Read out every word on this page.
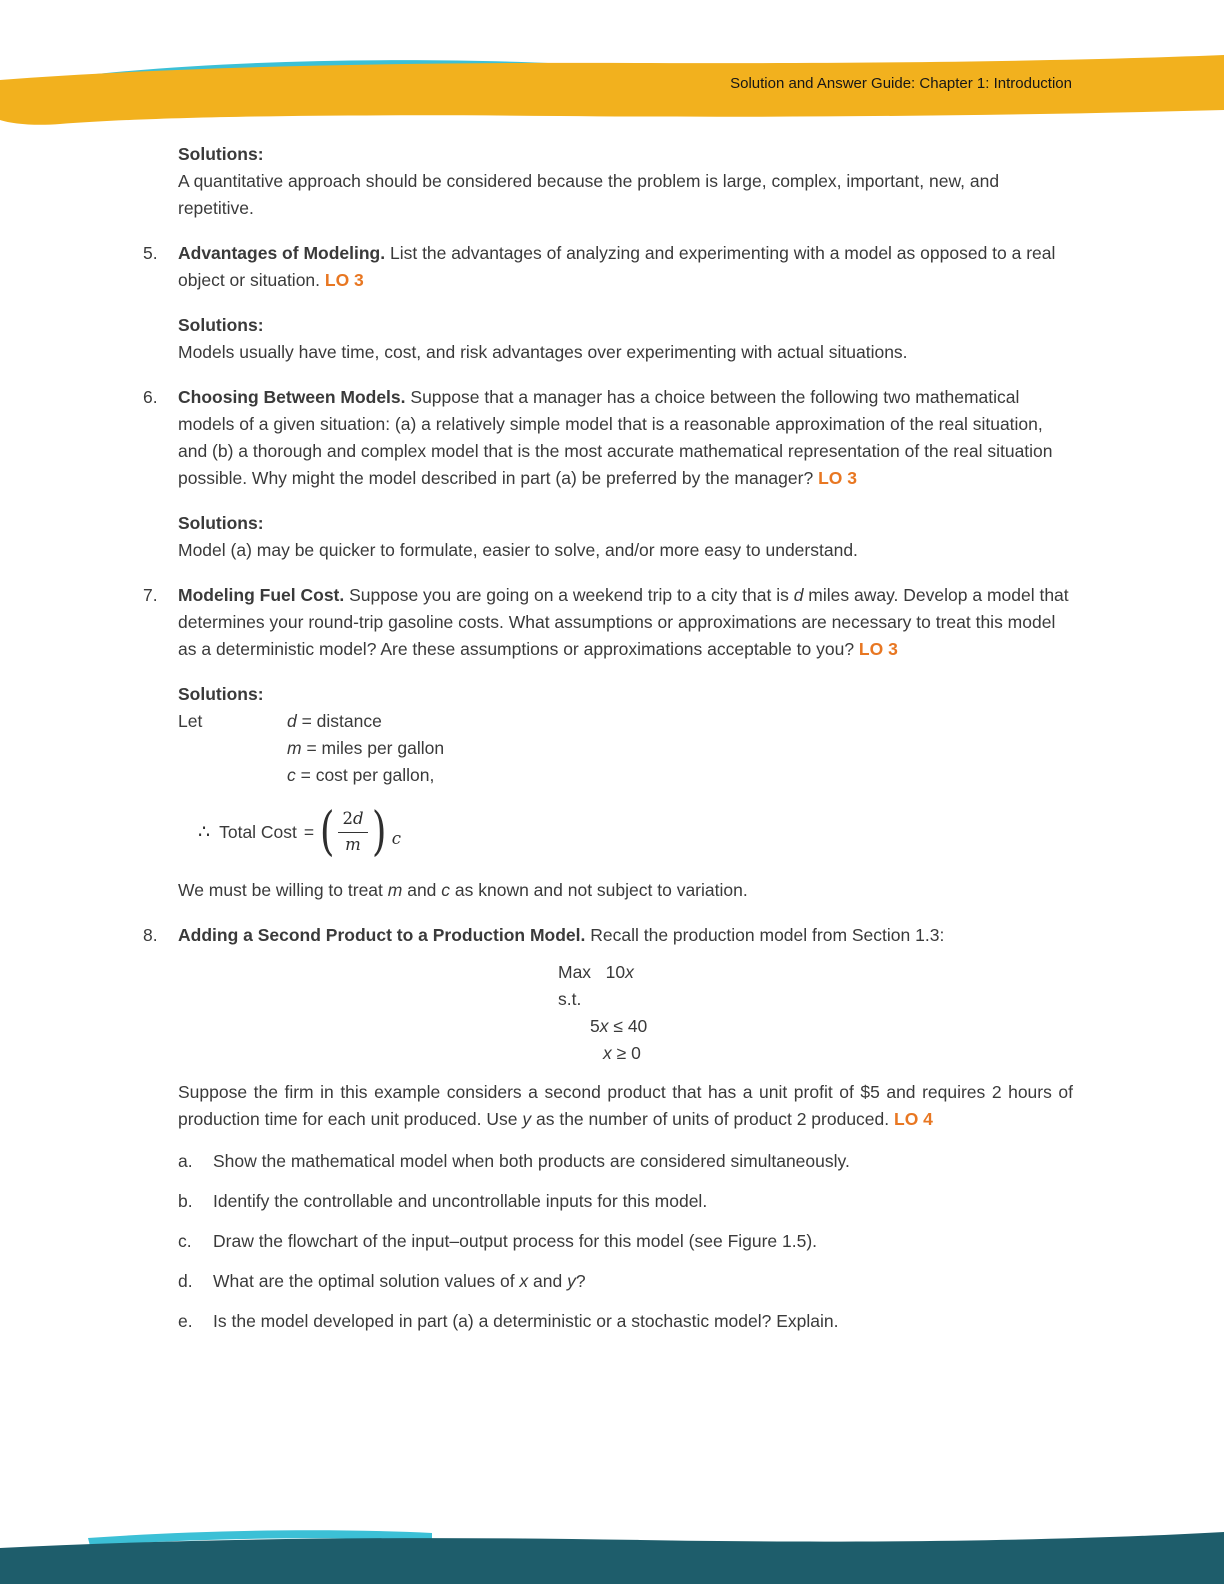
Solution and Answer Guide: Chapter 1: Introduction

Solutions:

A quantitative approach should be considered because the problem is large, complex, important, new, and repetitive.

5.	Advantages of Modeling. List the advantages of analyzing and experimenting with a model as opposed to a real object or situation. LO 3

Solutions:

Models usually have time, cost, and risk advantages over experimenting with actual situations.

6.	Choosing Between Models. Suppose that a manager has a choice between the following two mathematical models of a given situation: (a) a relatively simple model that is a reasonable approximation of the real situation, and (b) a thorough and complex model that is the most accurate mathematical representation of the real situation possible. Why might the model described in part (a) be preferred by the manager? LO 3

Solutions:

Model (a) may be quicker to formulate, easier to solve, and/or more easy to understand.

7.	Modeling Fuel Cost. Suppose you are going on a weekend trip to a city that is d miles away. Develop a model that determines your round-trip gasoline costs. What assumptions or approximations are necessary to treat this model as a deterministic model? Are these assumptions or approximations acceptable to you? LO 3

Solutions:

Let	d = distance

m = miles per gallon

c = cost per gallon,

∴ Total Cost = ( $\frac{2d}{m}$ ) c

We must be willing to treat m and c as known and not subject to variation.

8.	Adding a Second Product to a Production Model. Recall the production model from Section 1.3:

Max   10x

s.t.

5x ≤ 40

x ≥ 0

Suppose the firm in this example considers a second product that has a unit profit of $5 and requires 2 hours of production time for each unit produced. Use y as the number of units of product 2 produced. LO 4

a.	Show the mathematical model when both products are considered simultaneously.

b.	Identify the controllable and uncontrollable inputs for this model.

c.	Draw the flowchart of the input–output process for this model (see Figure 1.5).

d.	What are the optimal solution values of x and y?

e.	Is the model developed in part (a) a deterministic or a stochastic model? Explain.
